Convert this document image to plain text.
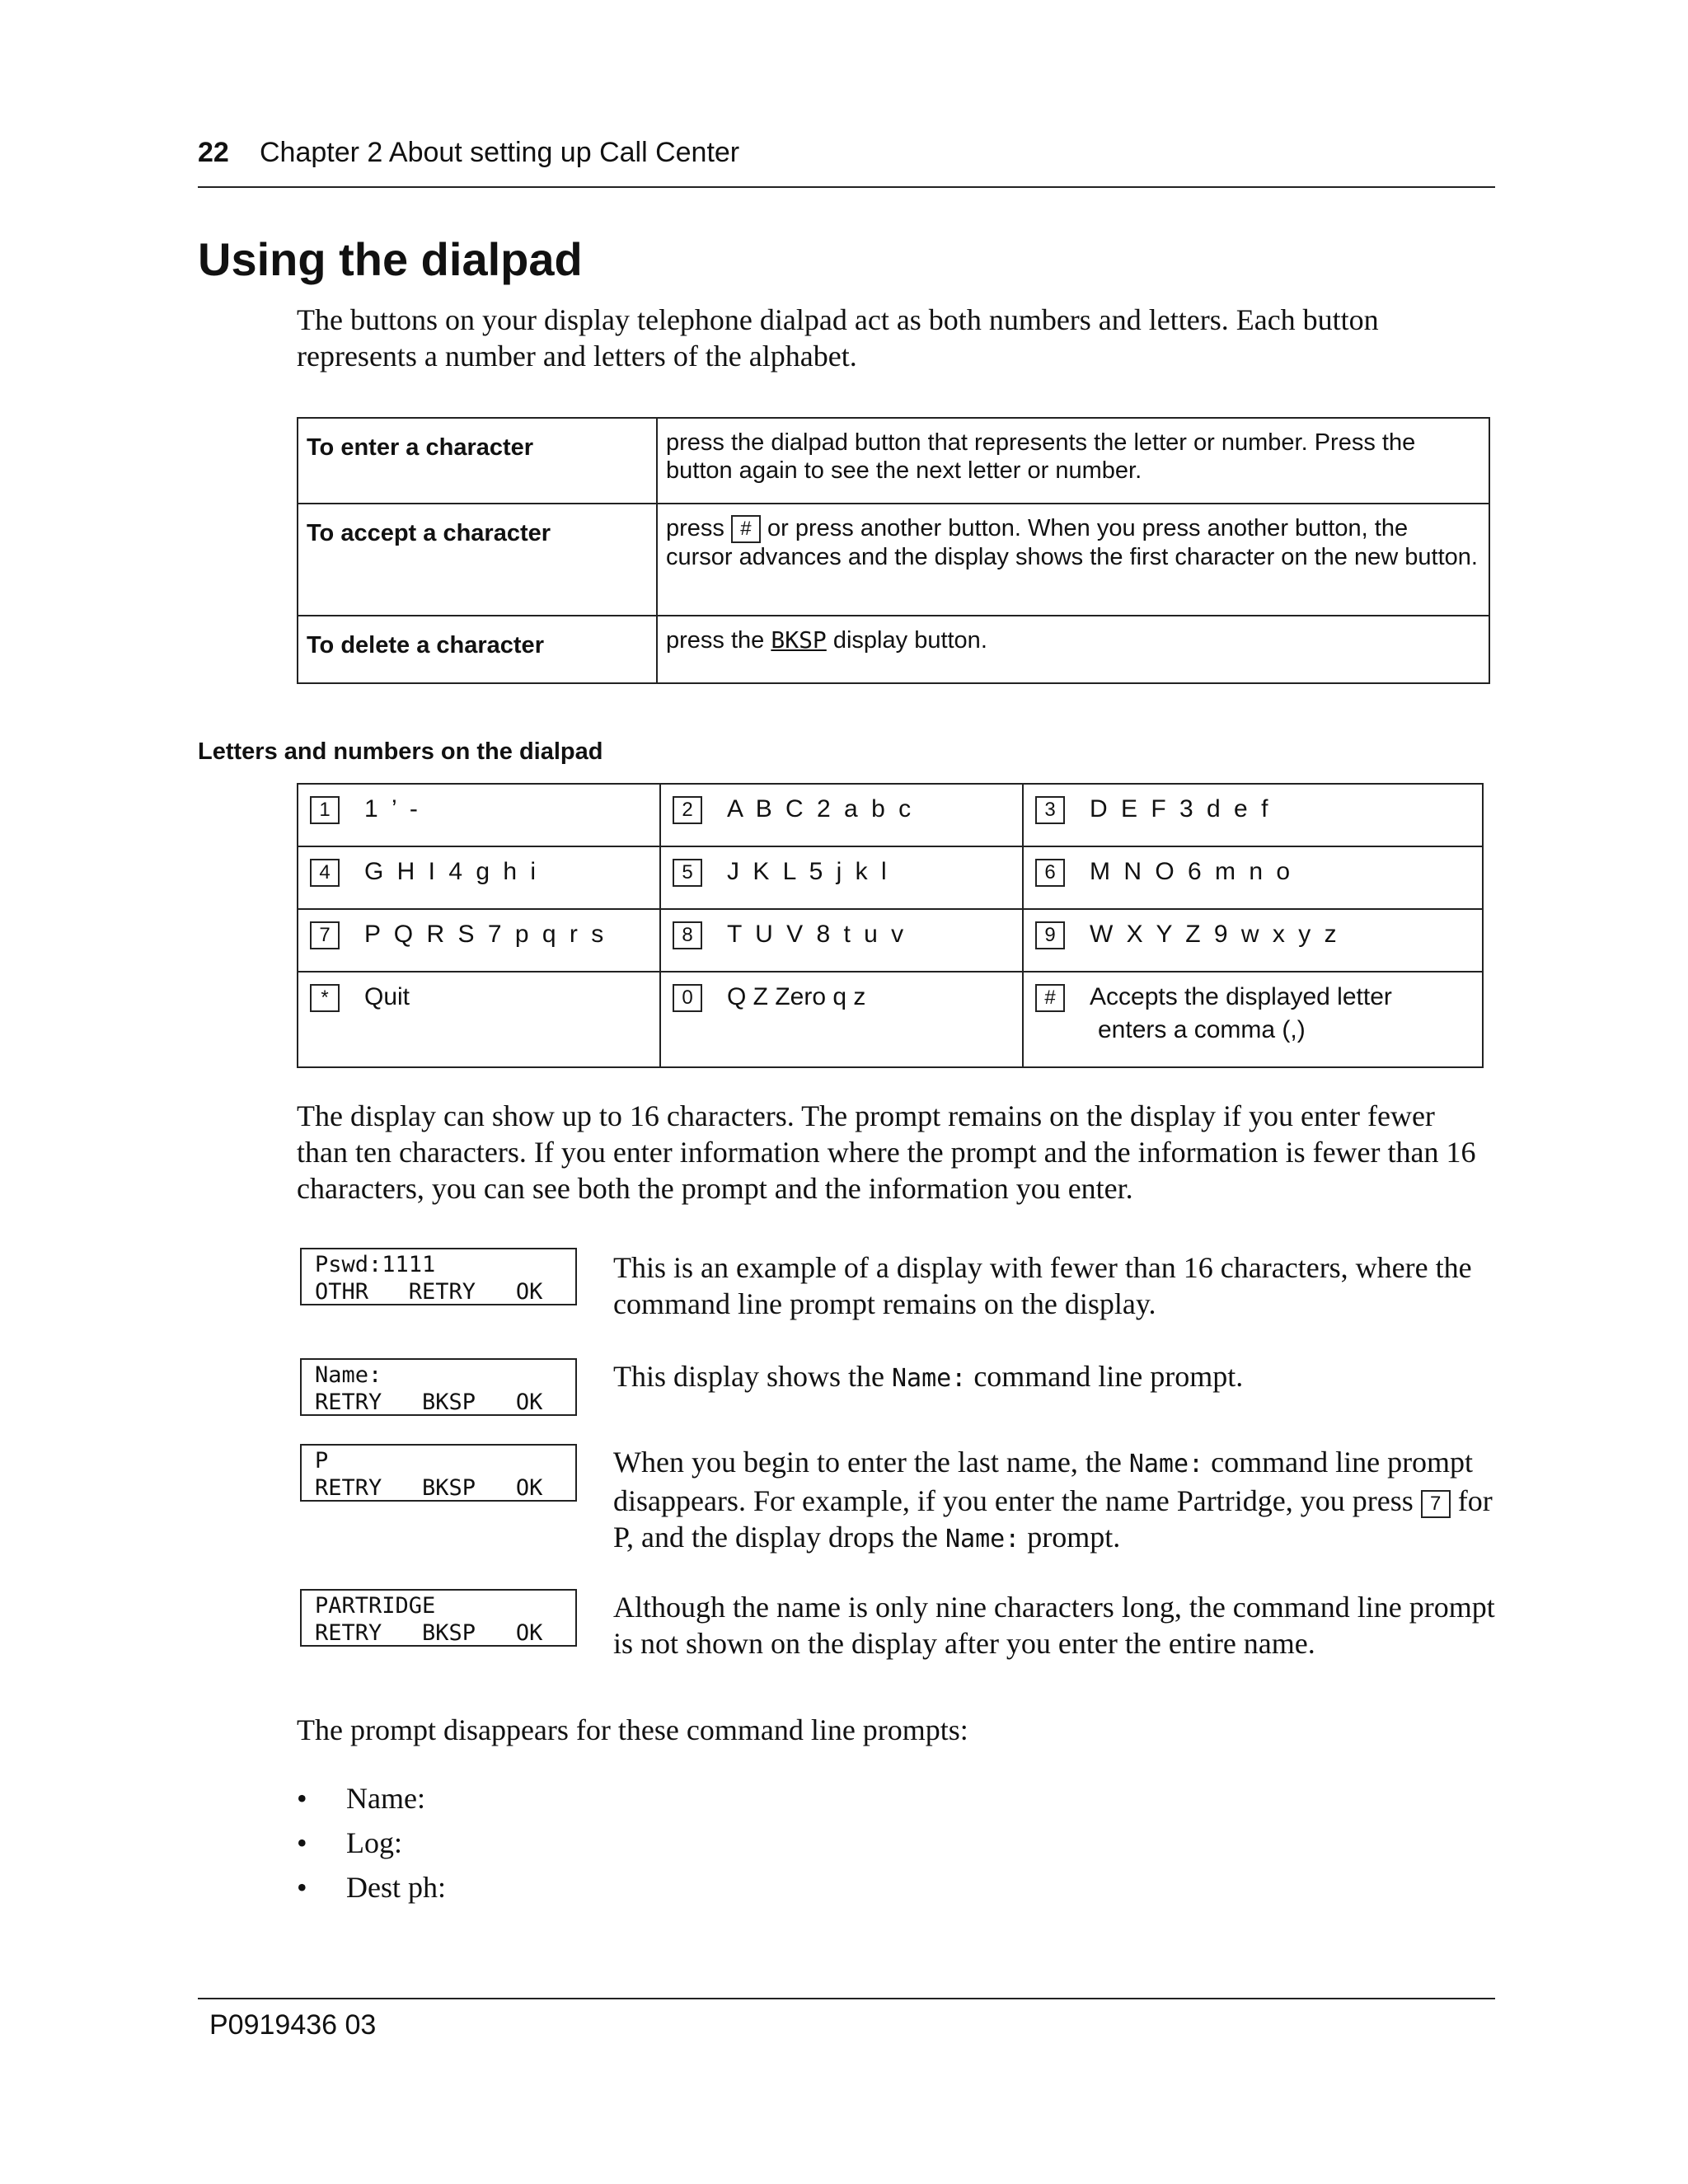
22 Chapter 2 About setting up Call Center
Using the dialpad

The buttons on your display telephone dialpad act as both numbers and letters. Each button represents a number and letters of the alphabet.

To enter a character	press the dialpad button that represents the letter or number. Press the button again to see the next letter or number.
To accept a character	press # or press another button. When you press another button, the cursor advances and the display shows the first character on the new button.
To delete a character	press the BKSP display button.
Letters and numbers on the dialpad
1 1 ’ -	2 A B C 2 a b c	3 D E F 3 d e f
4 G H I 4 g h i	5 J K L 5 j k l	6 M N O 6 m n o
7 P Q R S 7 p q r s	8 T U V 8 t u v	9 W X Y Z 9 w x y z
* Quit	0 Q Z Zero q z	# Accepts the displayed letter
enters a comma (,)

The display can show up to 16 characters. The prompt remains on the display if you enter fewer than ten characters. If you enter information where the prompt and the information is fewer than 16 characters, you can see both the prompt and the information you enter.

Pswd:1111
OTHR   RETRY   OK

This is an example of a display with fewer than 16 characters, where the command line prompt remains on the display.

Name:
RETRY   BKSP   OK

This display shows the Name: command line prompt.

P
RETRY   BKSP   OK

When you begin to enter the last name, the Name: command line prompt disappears. For example, if you enter the name Partridge, you press 7 for P, and the display drops the Name: prompt.

PARTRIDGE
RETRY   BKSP   OK

Although the name is only nine characters long, the command line prompt is not shown on the display after you enter the entire name.

The prompt disappears for these command line prompts:

• Name:
• Log:
• Dest ph:
P0919436 03
